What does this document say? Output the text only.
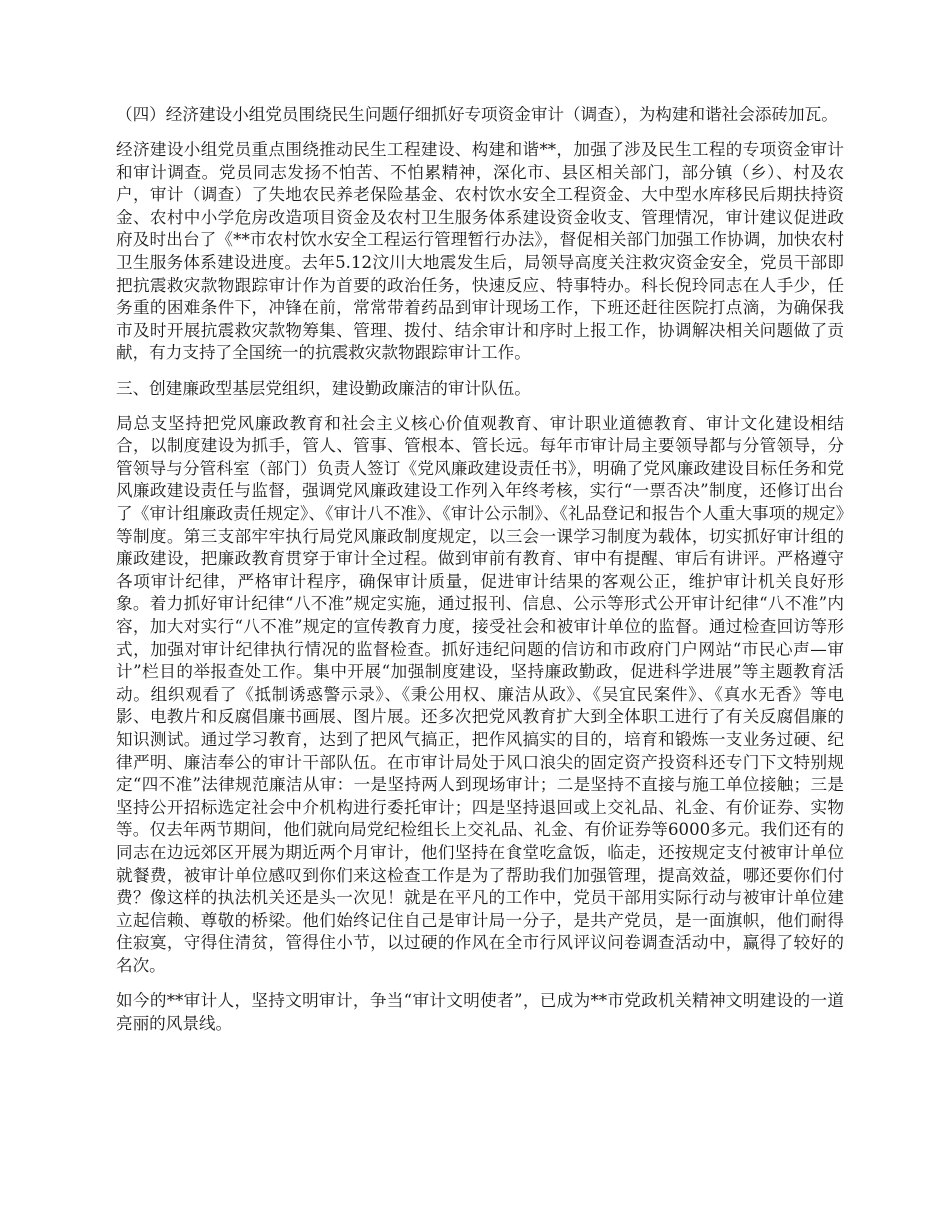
（四）经济建设小组党员围绕民生问题仔细抓好专项资金审计（调查），为构建和谐社会添砖加瓦。

经济建设小组党员重点围绕推动民生工程建设、构建和谐**，加强了涉及民生工程的专项资金审计和审计调查。党员同志发扬不怕苦、不怕累精神，深化市、县区相关部门，部分镇（乡）、村及农户，审计（调查）了失地农民养老保险基金、农村饮水安全工程资金、大中型水库移民后期扶持资金、农村中小学危房改造项目资金及农村卫生服务体系建设资金收支、管理情况，审计建议促进政府及时出台了《**市农村饮水安全工程运行管理暂行办法》，督促相关部门加强工作协调，加快农村卫生服务体系建设进度。去年5.12汶川大地震发生后，局领导高度关注救灾资金安全，党员干部即把抗震救灾款物跟踪审计作为首要的政治任务，快速反应、特事特办。科长倪玲同志在人手少，任务重的困难条件下，冲锋在前，常常带着药品到审计现场工作，下班还赶往医院打点滴，为确保我市及时开展抗震救灾款物筹集、管理、拨付、结余审计和序时上报工作，协调解决相关问题做了贡献，有力支持了全国统一的抗震救灾款物跟踪审计工作。

三、创建廉政型基层党组织，建设勤政廉洁的审计队伍。

局总支坚持把党风廉政教育和社会主义核心价值观教育、审计职业道德教育、审计文化建设相结合，以制度建设为抓手，管人、管事、管根本、管长远。每年市审计局主要领导都与分管领导，分管领导与分管科室（部门）负责人签订《党风廉政建设责任书》，明确了党风廉政建设目标任务和党风廉政建设责任与监督，强调党风廉政建设工作列入年终考核，实行“一票否决”制度，还修订出台了《审计组廉政责任规定》、《审计八不准》、《审计公示制》、《礼品登记和报告个人重大事项的规定》等制度。第三支部牢牢执行局党风廉政制度规定，以三会一课学习制度为载体，切实抓好审计组的廉政建设，把廉政教育贯穿于审计全过程。做到审前有教育、审中有提醒、审后有讲评。严格遵守各项审计纪律，严格审计程序，确保审计质量，促进审计结果的客观公正，维护审计机关良好形象。着力抓好审计纪律“八不准”规定实施，通过报刊、信息、公示等形式公开审计纪律“八不准”内容，加大对实行“八不准”规定的宣传教育力度，接受社会和被审计单位的监督。通过检查回访等形式，加强对审计纪律执行情况的监督检查。抓好违纪问题的信访和市政府门户网站“市民心声—审计”栏目的举报查处工作。集中开展“加强制度建设，坚持廉政勤政，促进科学进展”等主题教育活动。组织观看了《抵制诱惑警示录》、《秉公用权、廉洁从政》、《吴宜民案件》、《真水无香》等电影、电教片和反腐倡廉书画展、图片展。还多次把党风教育扩大到全体职工进行了有关反腐倡廉的知识测试。通过学习教育，达到了把风气搞正，把作风搞实的目的，培育和锻炼一支业务过硬、纪律严明、廉洁奉公的审计干部队伍。在市审计局处于风口浪尖的固定资产投资科还专门下文特别规定“四不准”法律规范廉洁从审：一是坚持两人到现场审计；二是坚持不直接与施工单位接触；三是坚持公开招标选定社会中介机构进行委托审计；四是坚持退回或上交礼品、礼金、有价证券、实物等。仅去年两节期间，他们就向局党纪检组长上交礼品、礼金、有价证券等6000多元。我们还有的同志在边远郊区开展为期近两个月审计，他们坚持在食堂吃盒饭，临走，还按规定支付被审计单位就餐费，被审计单位感叹到你们来这检查工作是为了帮助我们加强管理，提高效益，哪还要你们付费？像这样的执法机关还是头一次见！就是在平凡的工作中，党员干部用实际行动与被审计单位建立起信赖、尊敬的桥梁。他们始终记住自己是审计局一分子，是共产党员，是一面旗帜，他们耐得住寂寞，守得住清贫，管得住小节，以过硬的作风在全市行风评议问卷调查活动中，赢得了较好的名次。

如今的**审计人，坚持文明审计，争当“审计文明使者”，已成为**市党政机关精神文明建设的一道亮丽的风景线。
